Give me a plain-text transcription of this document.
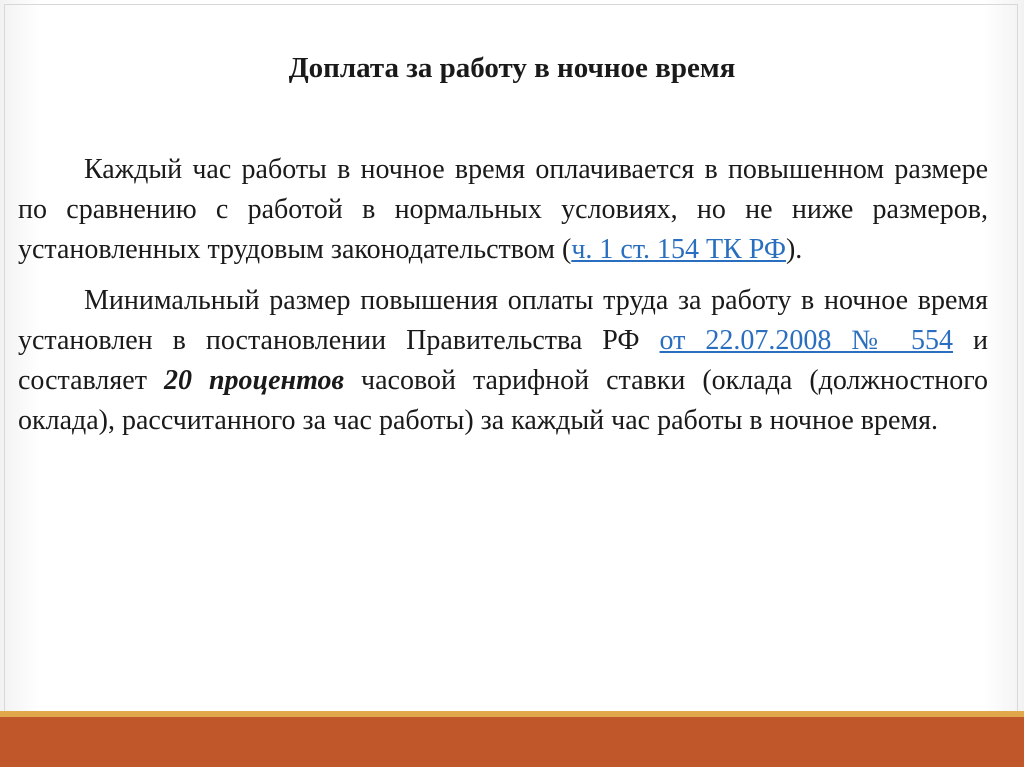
Доплата за работу в ночное время

Каждый час работы в ночное время оплачивается в повышенном размере по сравнению с работой в нормальных условиях, но не ниже размеров, установленных трудовым законодательством (ч. 1 ст. 154 ТК РФ).

Минимальный размер повышения оплаты труда за работу в ночное время установлен в постановлении Правительства РФ от 22.07.2008 № 554 и составляет 20 процентов часовой тарифной ставки (оклада (должностного оклада), рассчитанного за час работы) за каждый час работы в ночное время.
